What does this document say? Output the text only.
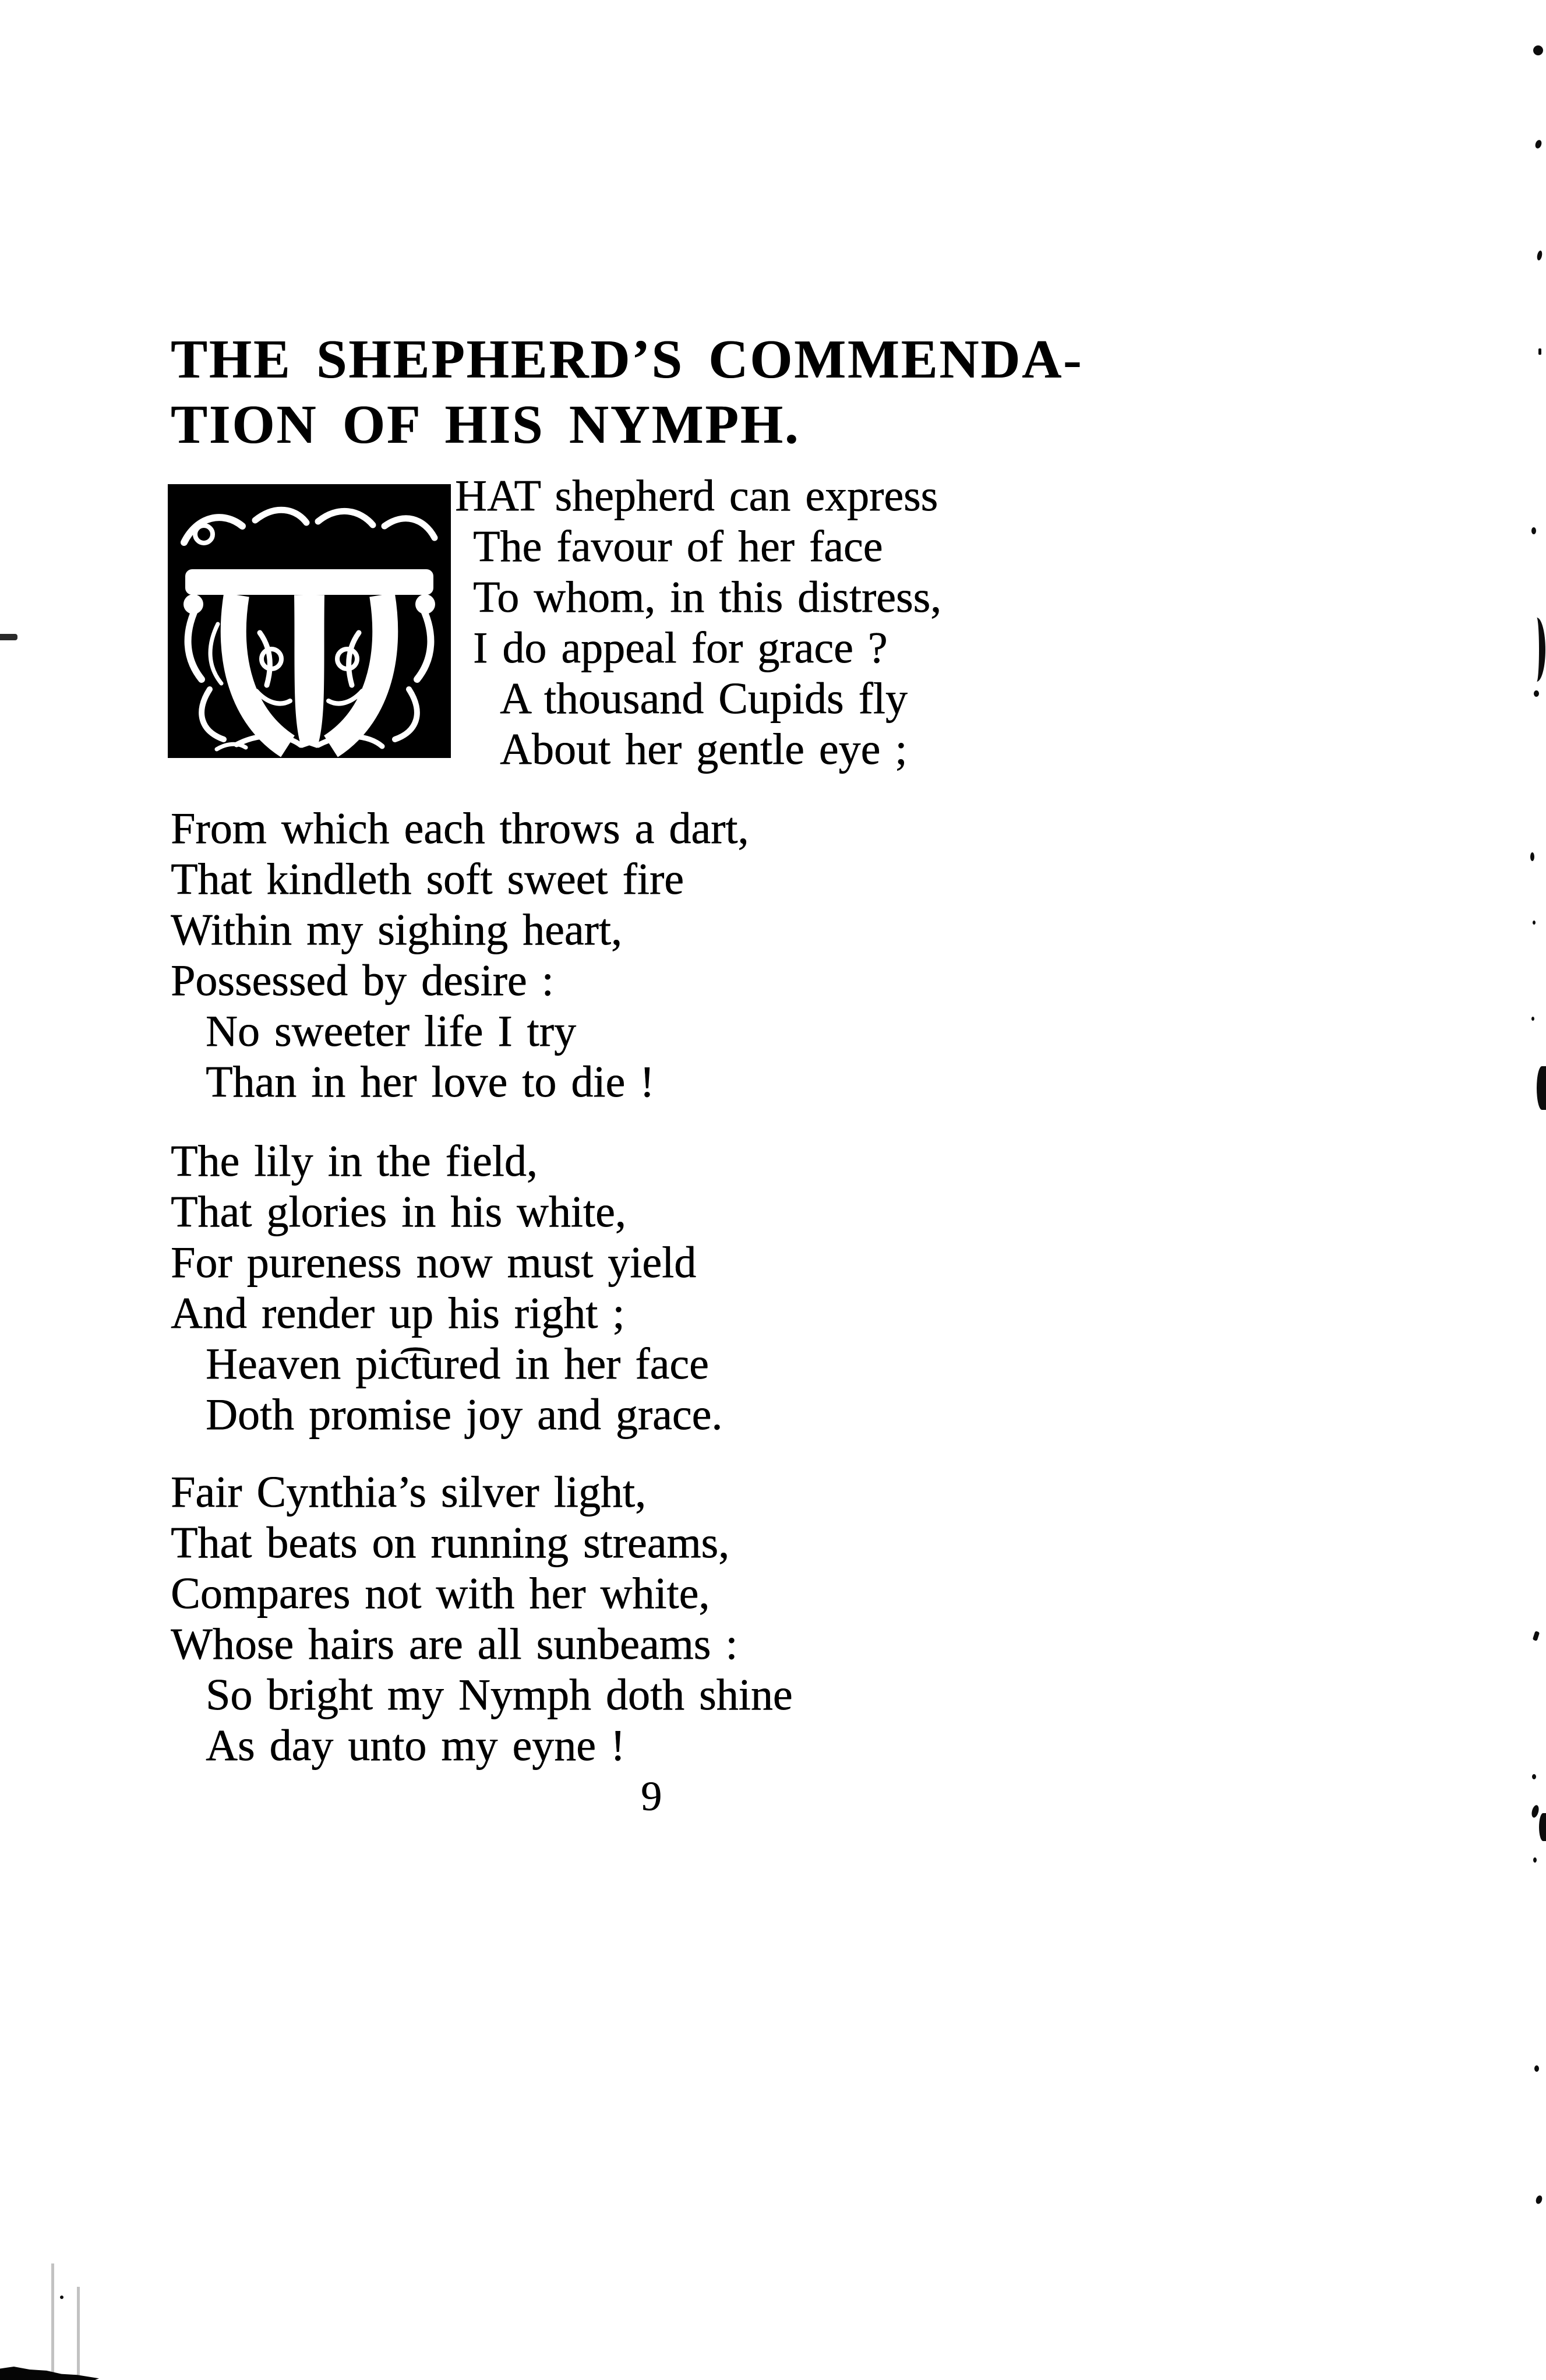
THE SHEPHERD’S COMMENDA-
TION OF HIS NYMPH.
HAT shepherd can express
The favour of her face
To whom, in this distress,
I do appeal for grace ?
A thousand Cupids fly
About her gentle eye ;
From which each throws a dart,
That kindleth soft sweet fire
Within my sighing heart,
Possessed by desire :
No sweeter life I try
Than in her love to die !
The lily in the field,
That glories in his white,
For pureness now must yield
And render up his right ;
Heaven pic͡tured in her face
Doth promise joy and grace.
Fair Cynthia’s silver light,
That beats on running streams,
Compares not with her white,
Whose hairs are all sunbeams :
So bright my Nymph doth shine
As day unto my eyne !
9
